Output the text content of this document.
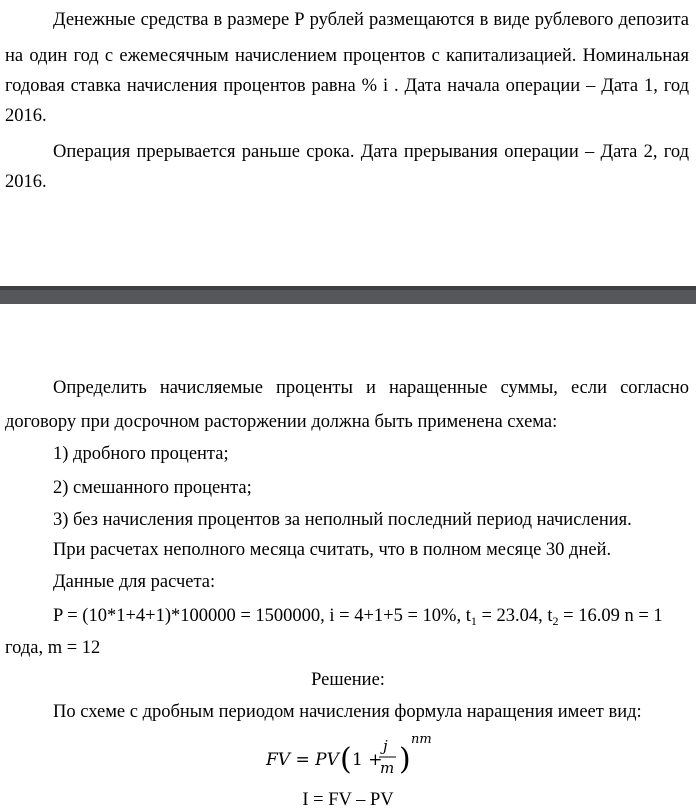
Денежные средства в размере Р рублей размещаются в виде рублевого депозита
на один год с ежемесячным начислением процентов с капитализацией. Номинальная
годовая ставка начисления процентов равна % i . Дата начала операции – Дата 1, год
2016.
Операция прерывается раньше срока. Дата прерывания операции – Дата 2, год
2016.
Определить начисляемые проценты и наращенные суммы, если согласно
договору при досрочном расторжении должна быть применена схема:
1) дробного процента;
2) смешанного процента;
3) без начисления процентов за неполный последний период начисления.
При расчетах неполного месяца считать, что в полном месяце 30 дней.
Данные для расчета:
P = (10*1+4+1)*100000 = 1500000, i = 4+1+5 = 10%, $t_1 = 23.04$, $t_2 = 16.09$ n = 1
года, m = 12
Решение:
По схеме с дробным периодом начисления формула наращения имеет вид:
FV = PV ( 1 +
j
m )
nm
I = FV – PV
